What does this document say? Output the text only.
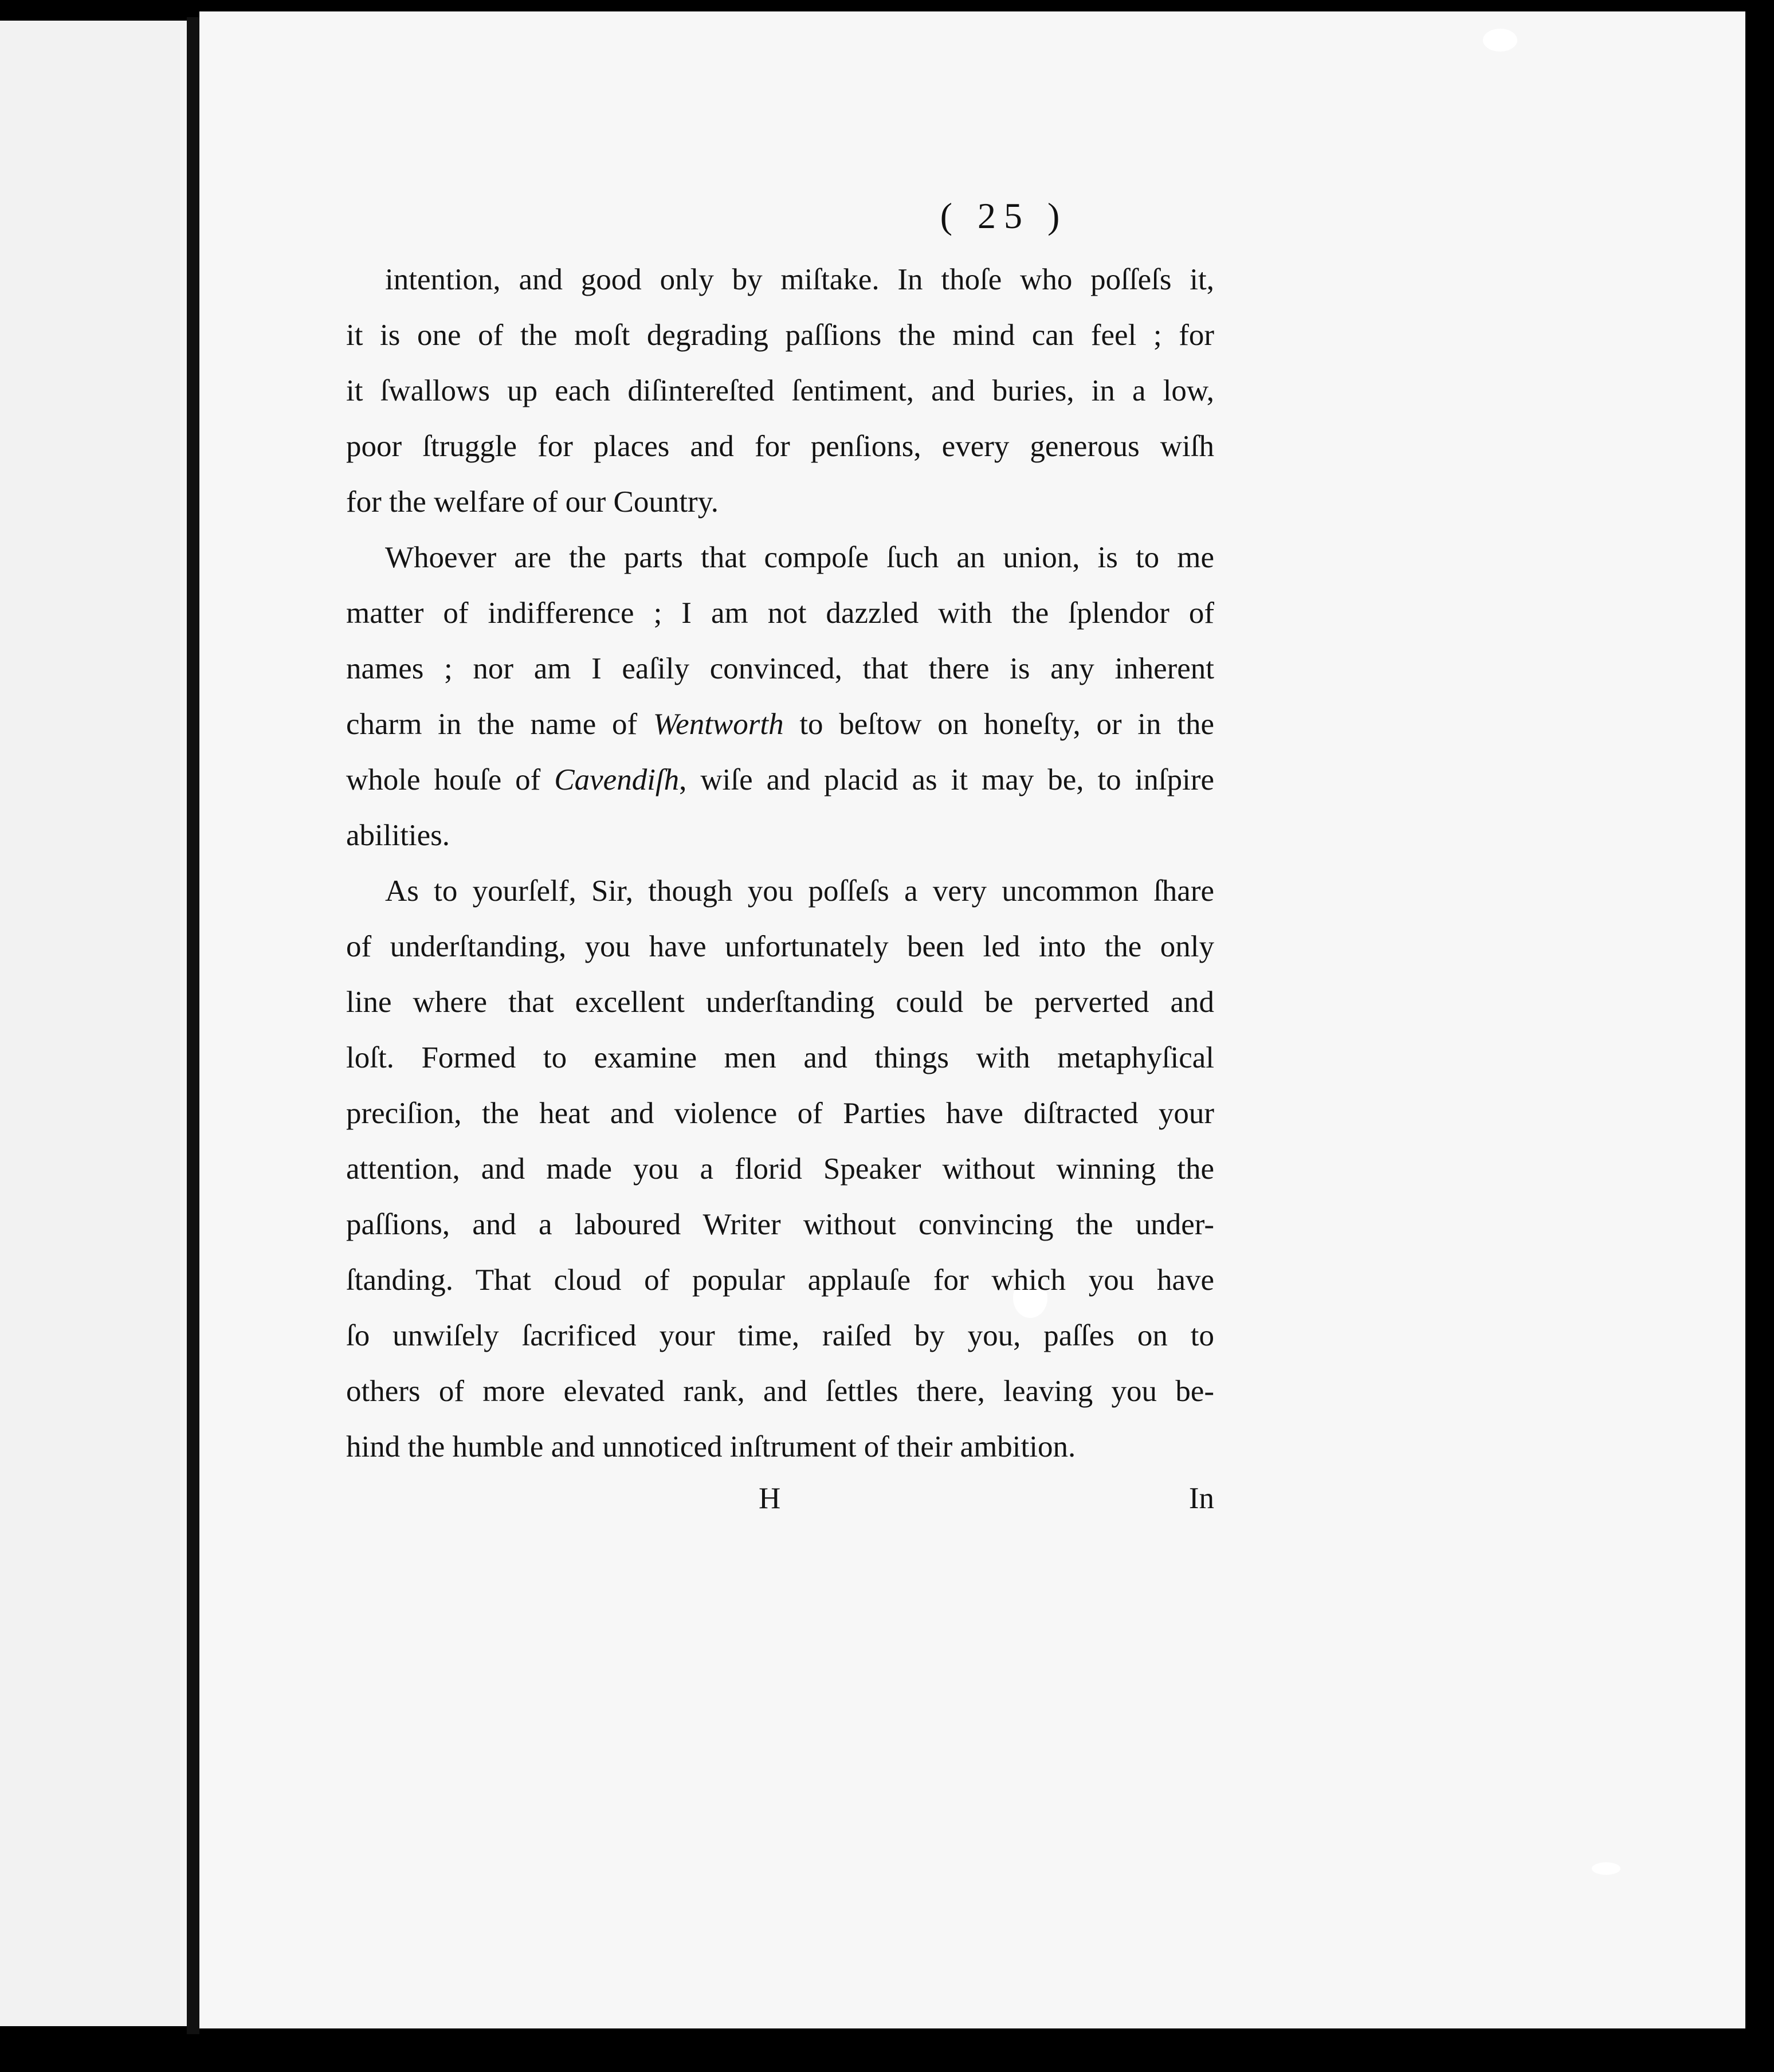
( 25 )
intention, and good only by miſtake. In thoſe who poſſeſs it,
it is one of the moſt degrading paſſions the mind can feel ; for
it ſwallows up each diſintereſted ſentiment, and buries, in a low,
poor ſtruggle for places and for penſions, every generous wiſh
for the welfare of our Country.
Whoever are the parts that compoſe ſuch an union, is to me
matter of indifference ; I am not dazzled with the ſplendor of
names ; nor am I eaſily convinced, that there is any inherent
charm in the name of Wentworth to beſtow on honeſty, or in the
whole houſe of Cavendiſh, wiſe and placid as it may be, to inſpire
abilities.
As to yourſelf, Sir, though you poſſeſs a very uncommon ſhare
of underſtanding, you have unfortunately been led into the only
line where that excellent underſtanding could be perverted and
loſt. Formed to examine men and things with metaphyſical
preciſion, the heat and violence of Parties have diſtracted your
attention, and made you a florid Speaker without winning the
paſſions, and a laboured Writer without convincing the under-
ſtanding. That cloud of popular applauſe for which you have
ſo unwiſely ſacrificed your time, raiſed by you, paſſes on to
others of more elevated rank, and ſettles there, leaving you be-
hind the humble and unnoticed inſtrument of their ambition.
H	In
